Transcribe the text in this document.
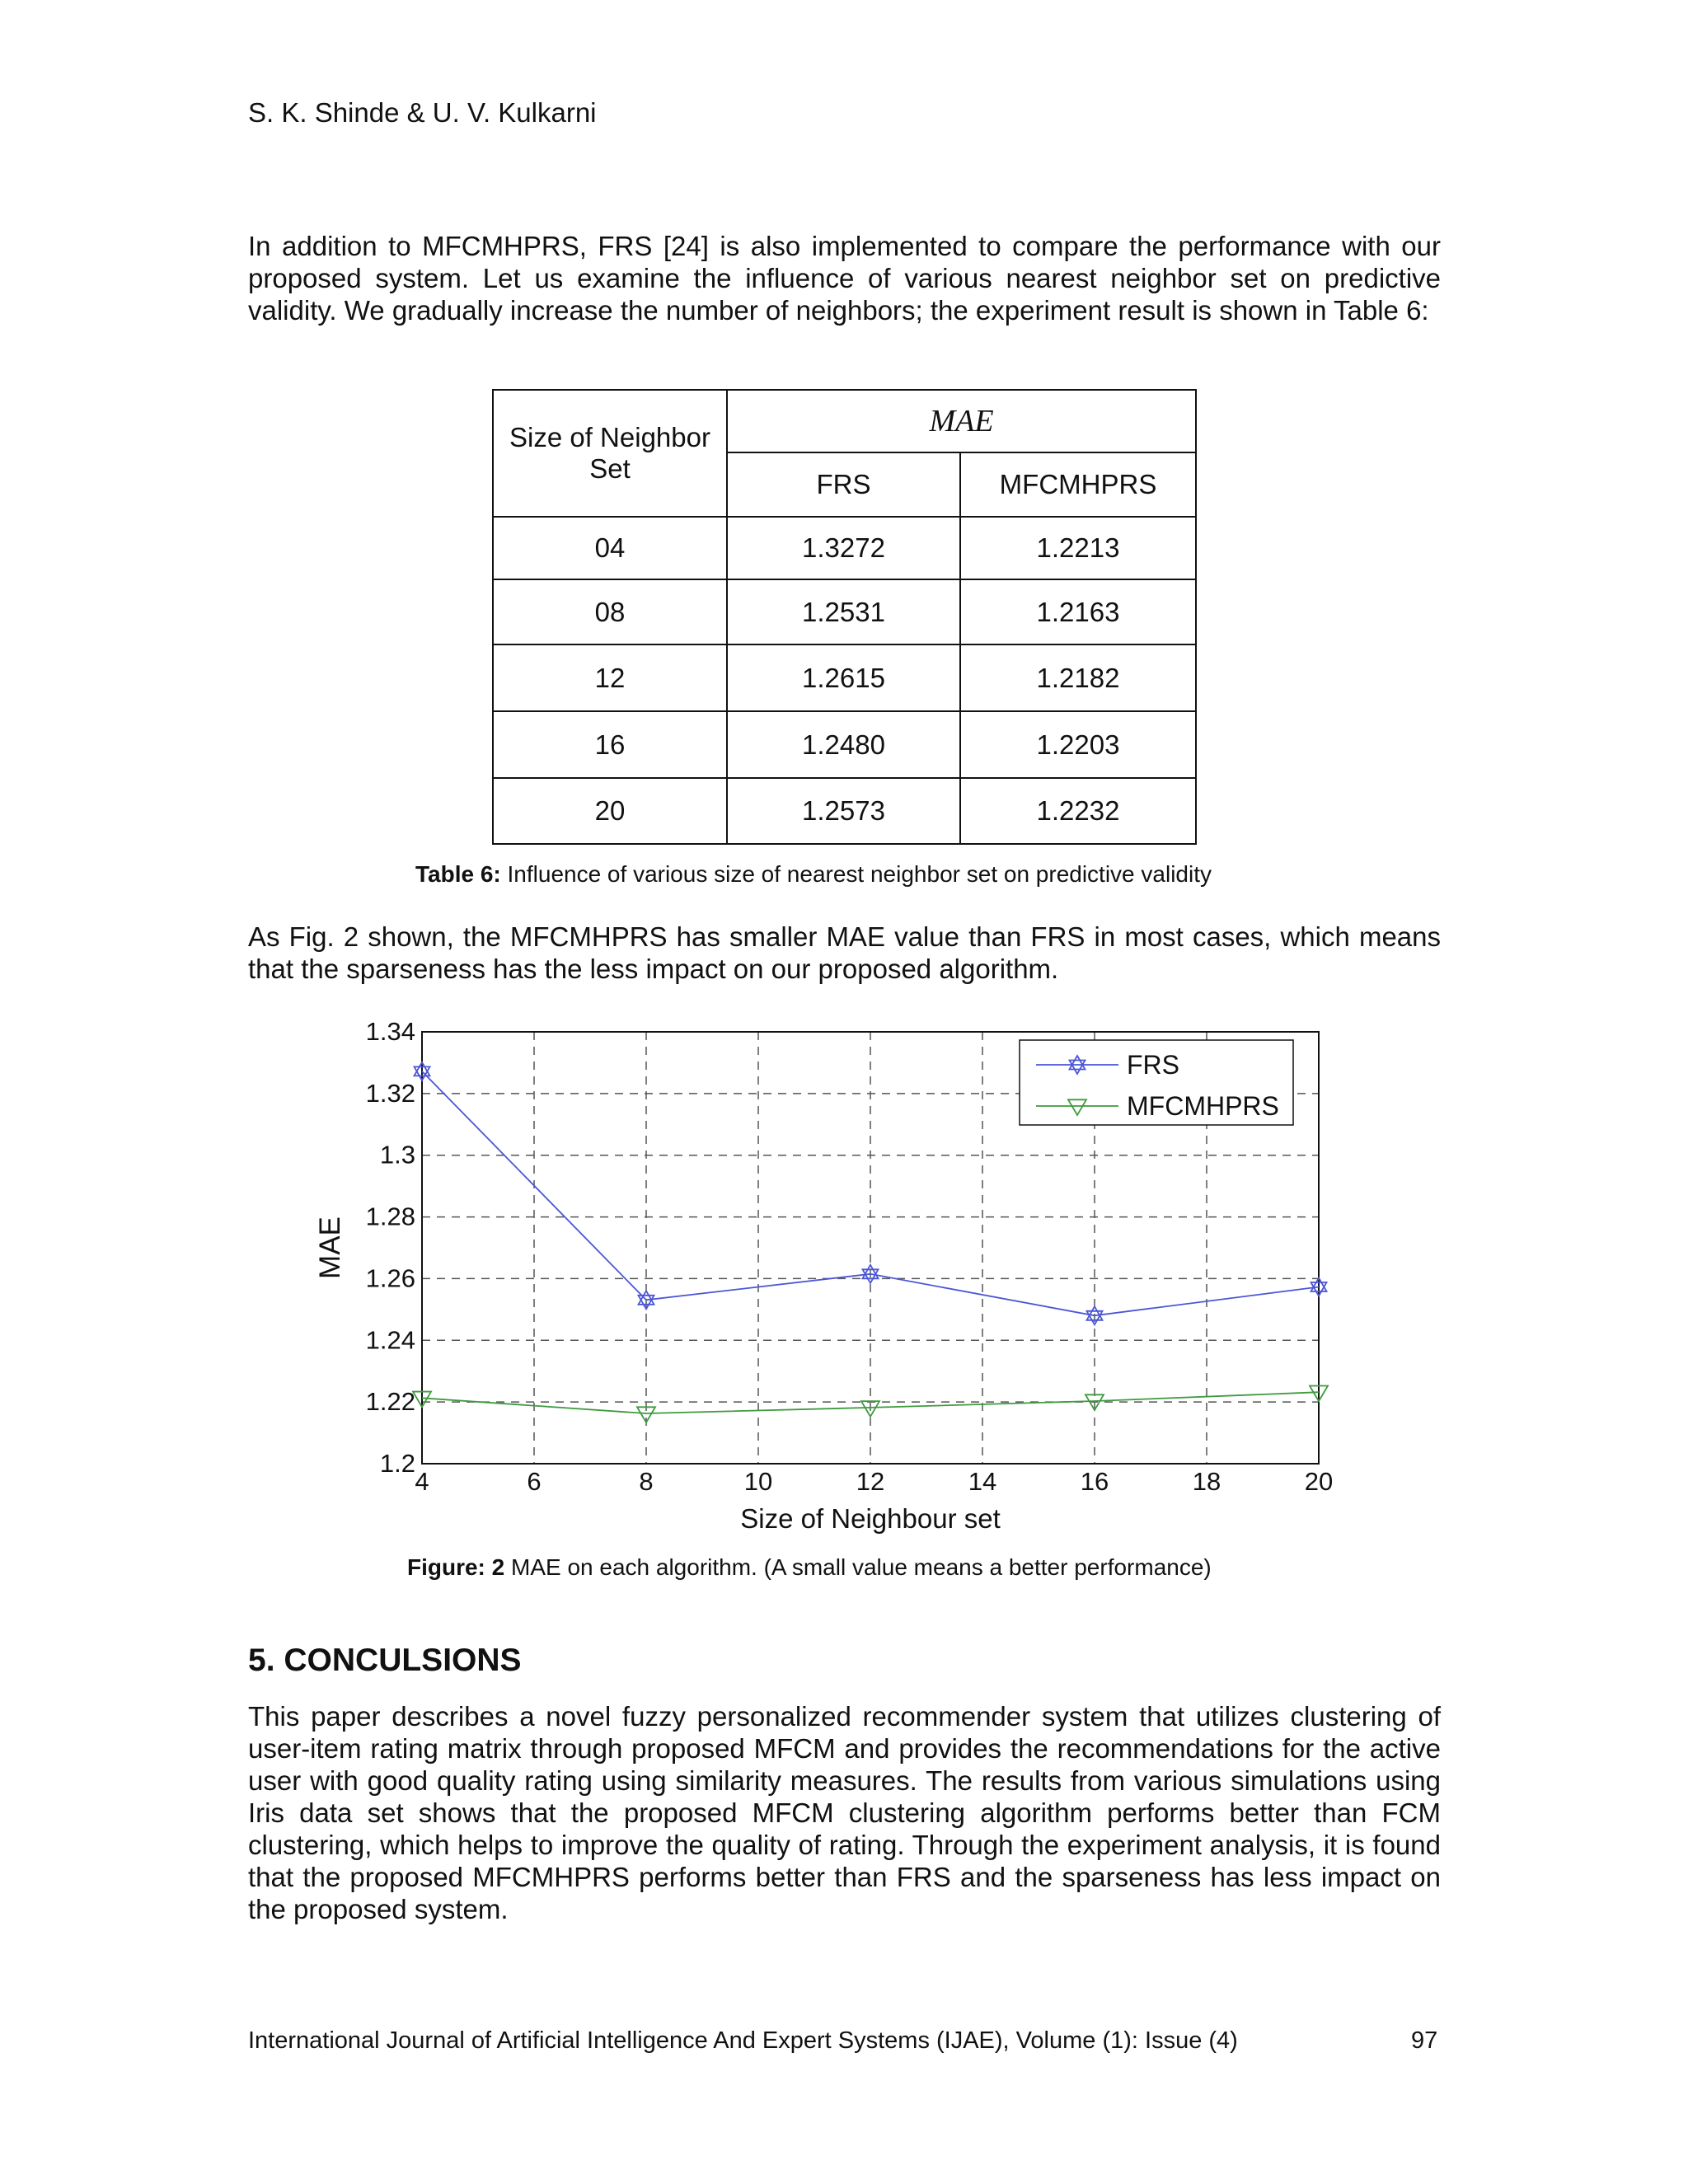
S. K. Shinde & U. V. Kulkarni

In addition to MFCMHPRS, FRS [24] is also implemented to compare the performance with our proposed system. Let us examine the influence of various nearest neighbor set on predictive validity. We gradually increase the number of neighbors; the experiment result is shown in Table 6:

Size of Neighbor Set	MAE	
	FRS	MFCMHPRS
04	1.3272	1.2213
08	1.2531	1.2163
12	1.2615	1.2182
16	1.2480	1.2203
20	1.2573	1.2232
Table 6: Influence of various size of nearest neighbor set on predictive validity

As Fig. 2 shown, the MFCMHPRS has smaller MAE value than FRS in most cases, which means that the sparseness has the less impact on our proposed algorithm.

4	6	8	10	12	14	16	18	20
1.2
1.22
1.24
1.26
1.28
1.3
1.32
1.34
MAE
Size of Neighbour set
FRS
MFCMHPRS
Figure: 2 MAE on each algorithm. (A small value means a better performance)
5. CONCULSIONS

This paper describes a novel fuzzy personalized recommender system that utilizes clustering of user-item rating matrix through proposed MFCM and provides the recommendations for the active user with good quality rating using similarity measures. The results from various simulations using Iris data set shows that the proposed MFCM clustering algorithm performs better than FCM clustering, which helps to improve the quality of rating. Through the experiment analysis, it is found that the proposed MFCMHPRS performs better than FRS and the sparseness has less impact on the proposed system.

International Journal of Artificial Intelligence And Expert Systems (IJAE), Volume (1): Issue (4)	97
